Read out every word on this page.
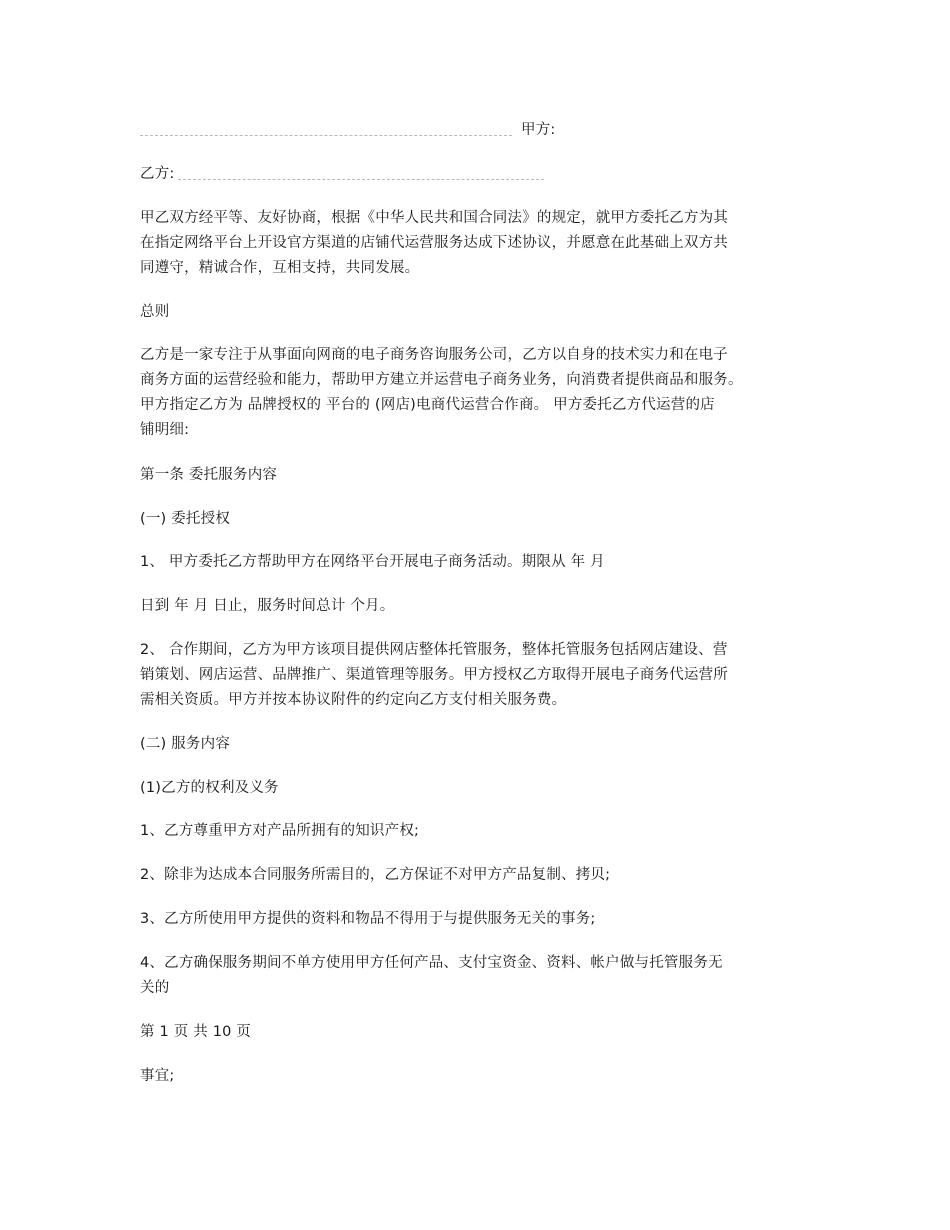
甲方:
乙方:
甲乙双方经平等、友好协商，根据《中华人民共和国合同法》的规定，就甲方委托乙方为其
在指定网络平台上开设官方渠道的店铺代运营服务达成下述协议，并愿意在此基础上双方共
同遵守，精诚合作，互相支持，共同发展。
总则
乙方是一家专注于从事面向网商的电子商务咨询服务公司，乙方以自身的技术实力和在电子
商务方面的运营经验和能力，帮助甲方建立并运营电子商务业务，向消费者提供商品和服务。
甲方指定乙方为 品牌授权的 平台的 (网店)电商代运营合作商。 甲方委托乙方代运营的店
铺明细:
第一条 委托服务内容
(一) 委托授权
1、 甲方委托乙方帮助甲方在网络平台开展电子商务活动。期限从 年 月
日到 年 月 日止，服务时间总计 个月。
2、 合作期间，乙方为甲方该项目提供网店整体托管服务，整体托管服务包括网店建设、营
销策划、网店运营、品牌推广、渠道管理等服务。甲方授权乙方取得开展电子商务代运营所
需相关资质。甲方并按本协议附件的约定向乙方支付相关服务费。
(二) 服务内容
(1)乙方的权利及义务
1、乙方尊重甲方对产品所拥有的知识产权;
2、除非为达成本合同服务所需目的，乙方保证不对甲方产品复制、拷贝;
3、乙方所使用甲方提供的资料和物品不得用于与提供服务无关的事务;
4、乙方确保服务期间不单方使用甲方任何产品、支付宝资金、资料、帐户做与托管服务无
关的
第 1 页 共 10 页
事宜;
